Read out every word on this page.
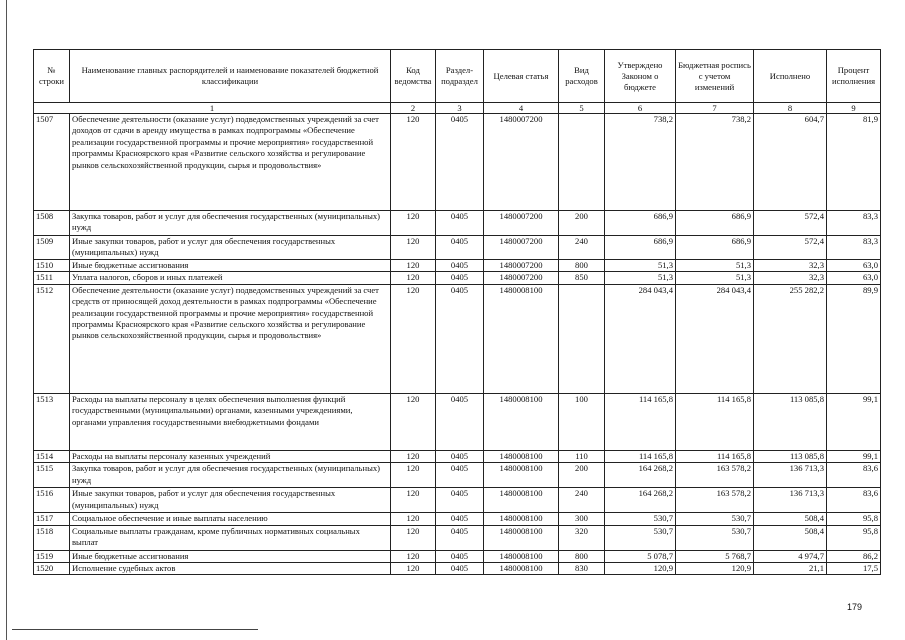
№ строки	Наименование главных распорядителей и наименование показателей бюджетной классификации	Код ведомства	Раздел-подраздел	Целевая статья	Вид расходов	Утверждено Законом о бюджете	Бюджетная роспись с учетом изменений	Исполнено	Процент исполнения
1		2	3	4	5	6	7	8	9
1507	Обеспечение деятельности (оказание услуг) подведомственных учреждений за счет доходов от сдачи в аренду имущества в рамках подпрограммы «Обеспечение реализации государственной программы и прочие мероприятия» государственной программы Красноярского края «Развитие сельского хозяйства и регулирование рынков сельскохозяйственной продукции, сырья и продовольствия»	120	0405	1480007200		738,2	738,2	604,7	81,9
1508	Закупка товаров, работ и услуг для обеспечения государственных (муниципальных) нужд	120	0405	1480007200	200	686,9	686,9	572,4	83,3
1509	Иные закупки товаров, работ и услуг для обеспечения государственных (муниципальных) нужд	120	0405	1480007200	240	686,9	686,9	572,4	83,3
1510	Иные бюджетные ассигнования	120	0405	1480007200	800	51,3	51,3	32,3	63,0
1511	Уплата налогов, сборов и иных платежей	120	0405	1480007200	850	51,3	51,3	32,3	63,0
1512	Обеспечение деятельности (оказание услуг) подведомственных учреждений за счет средств от приносящей доход деятельности в рамках подпрограммы «Обеспечение реализации государственной программы и прочие мероприятия» государственной программы Красноярского края «Развитие сельского хозяйства и регулирование рынков сельскохозяйственной продукции, сырья и продовольствия»	120	0405	1480008100		284 043,4	284 043,4	255 282,2	89,9
1513	Расходы на выплаты персоналу в целях обеспечения выполнения функций государственными (муниципальными) органами, казенными учреждениями, органами управления государственными внебюджетными фондами	120	0405	1480008100	100	114 165,8	114 165,8	113 085,8	99,1
1514	Расходы на выплаты персоналу казенных учреждений	120	0405	1480008100	110	114 165,8	114 165,8	113 085,8	99,1
1515	Закупка товаров, работ и услуг для обеспечения государственных (муниципальных) нужд	120	0405	1480008100	200	164 268,2	163 578,2	136 713,3	83,6
1516	Иные закупки товаров, работ и услуг для обеспечения государственных (муниципальных) нужд	120	0405	1480008100	240	164 268,2	163 578,2	136 713,3	83,6
1517	Социальное обеспечение и иные выплаты населению	120	0405	1480008100	300	530,7	530,7	508,4	95,8
1518	Социальные выплаты гражданам, кроме публичных нормативных социальных выплат	120	0405	1480008100	320	530,7	530,7	508,4	95,8
1519	Иные бюджетные ассигнования	120	0405	1480008100	800	5 078,7	5 768,7	4 974,7	86,2
1520	Исполнение судебных актов	120	0405	1480008100	830	120,9	120,9	21,1	17,5
179
